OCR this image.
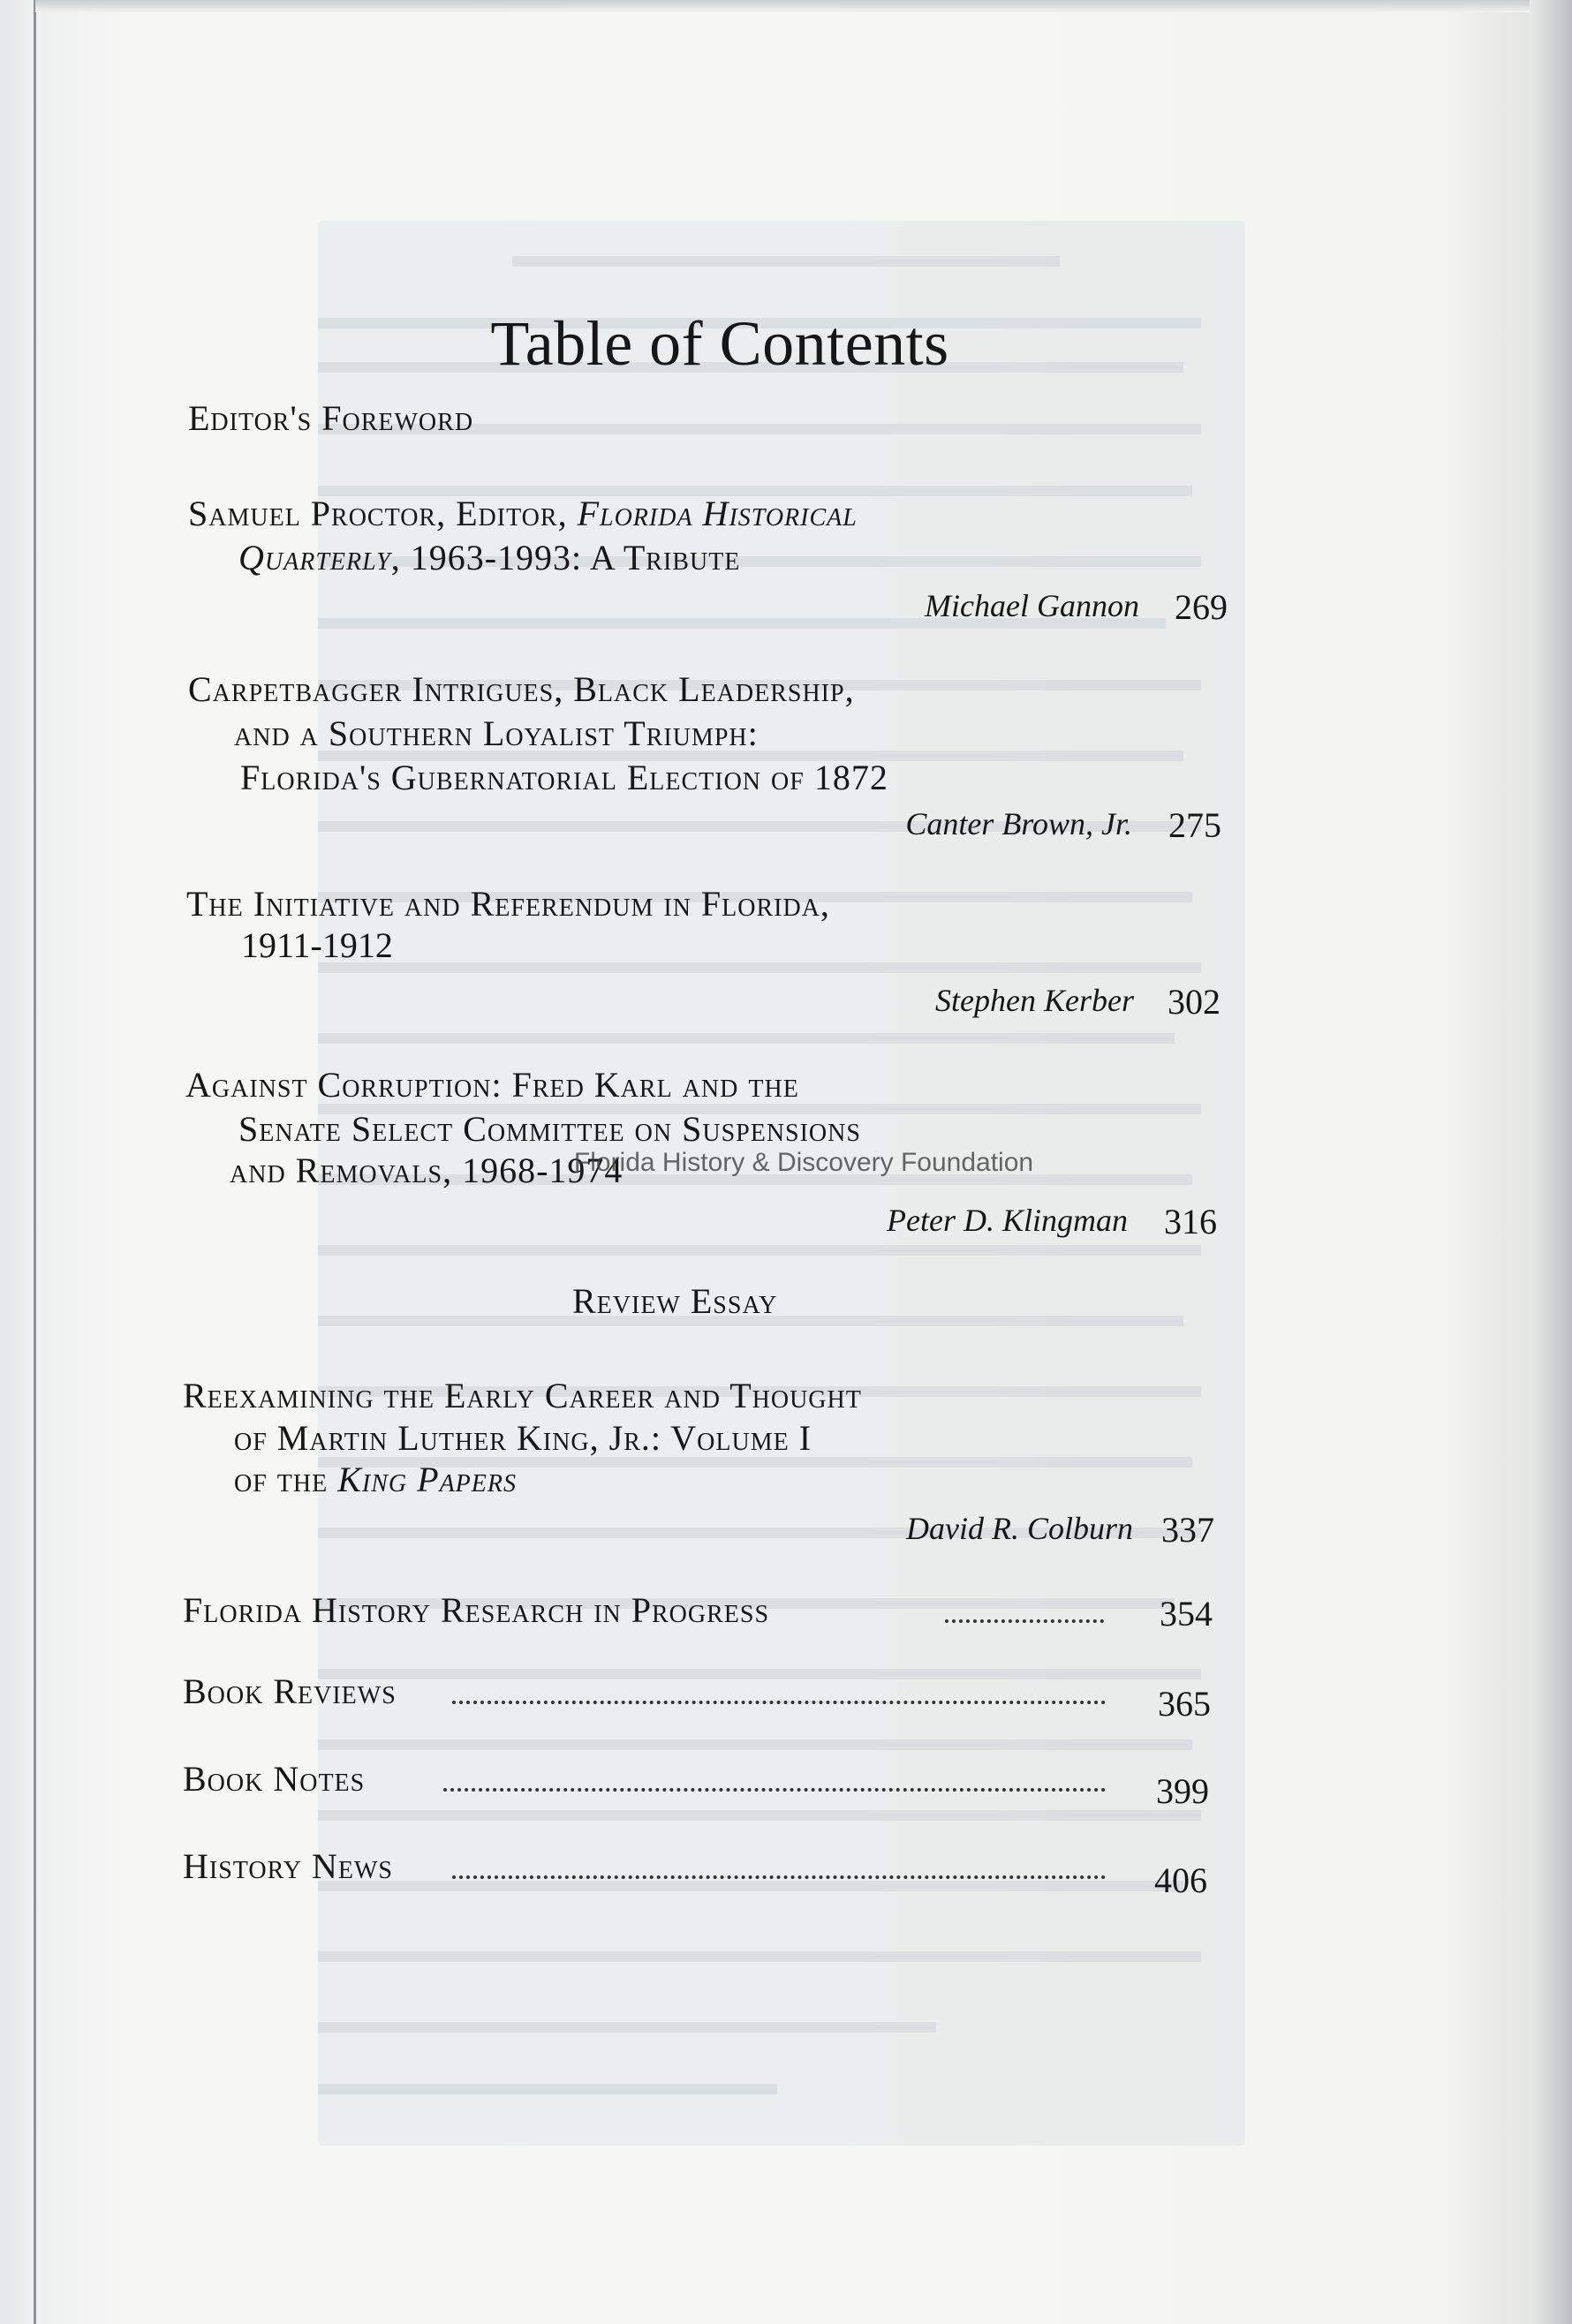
Table of Contents
Editor's Foreword
Samuel Proctor, Editor, Florida Historical
Quarterly, 1963-1993: A Tribute
Michael Gannon 269
Carpetbagger Intrigues, Black Leadership,
and a Southern Loyalist Triumph:
Florida's Gubernatorial Election of 1872
Canter Brown, Jr. 275
The Initiative and Referendum in Florida,
1911-1912
Stephen Kerber 302
Against Corruption: Fred Karl and the
Senate Select Committee on Suspensions
and Removals, 1968-1974
Peter D. Klingman 316
Review Essay
Reexamining the Early Career and Thought
of Martin Luther King, Jr.: Volume I
of the King Papers
David R. Colburn 337
Florida History Research in Progress	354
Book Reviews	365
Book Notes	399
History News	406
Florida History & Discovery Foundation
